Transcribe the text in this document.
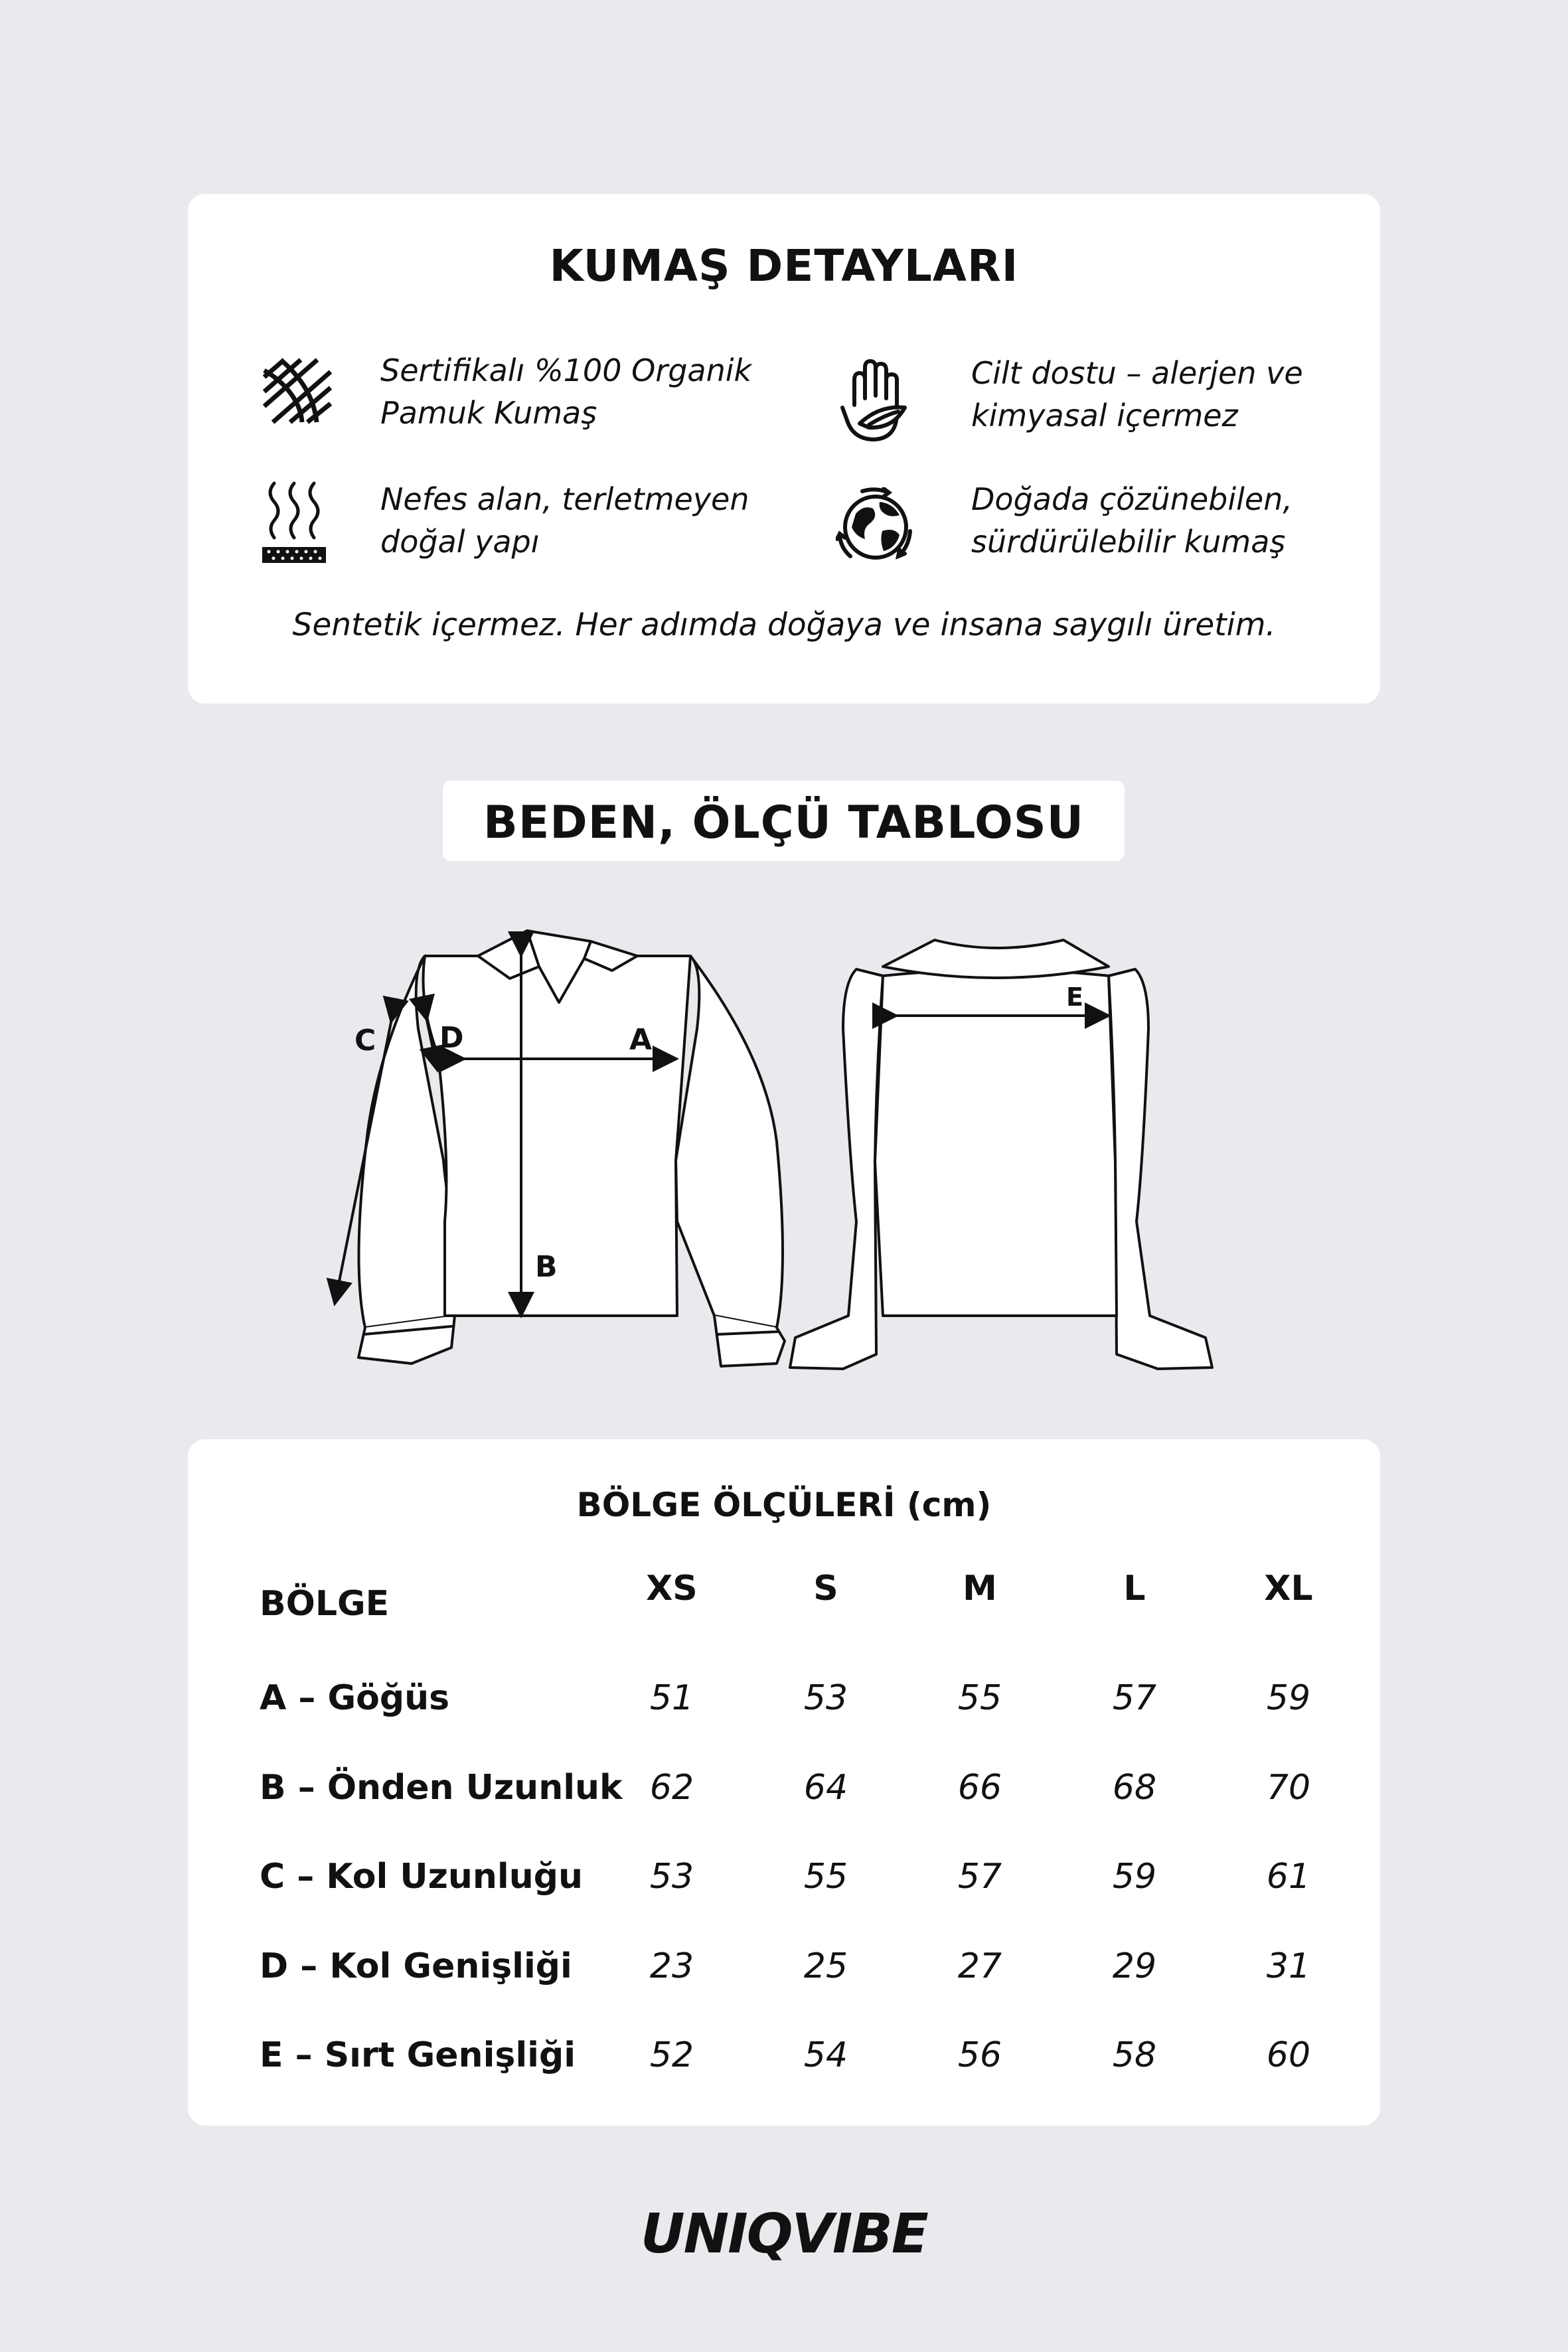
KUMAŞ DETAYLARI
Sertifikalı %100 Organik
Pamuk Kumaş
Cilt dostu – alerjen ve
kimyasal içermez
Nefes alan, terletmeyen
doğal yapı
Doğada çözünebilen,
sürdürülebilir kumaş
Sentetik içermez. Her adımda doğaya ve insana saygılı üretim.
BEDEN, ÖLÇÜ TABLOSU
B
A
C D
E
BÖLGE ÖLÇÜLERİ (cm)
BÖLGE	XS	S	M	L	XL
A – Göğüs	51	53	55	57	59
B – Önden Uzunluk 62	64	66	68	70
C – Kol Uzunluğu	53	55	57	59	61
D – Kol Genişliği	23	25	27	29	31
E – Sırt Genişliği	52	54	56	58	60
UNIQVIBE
